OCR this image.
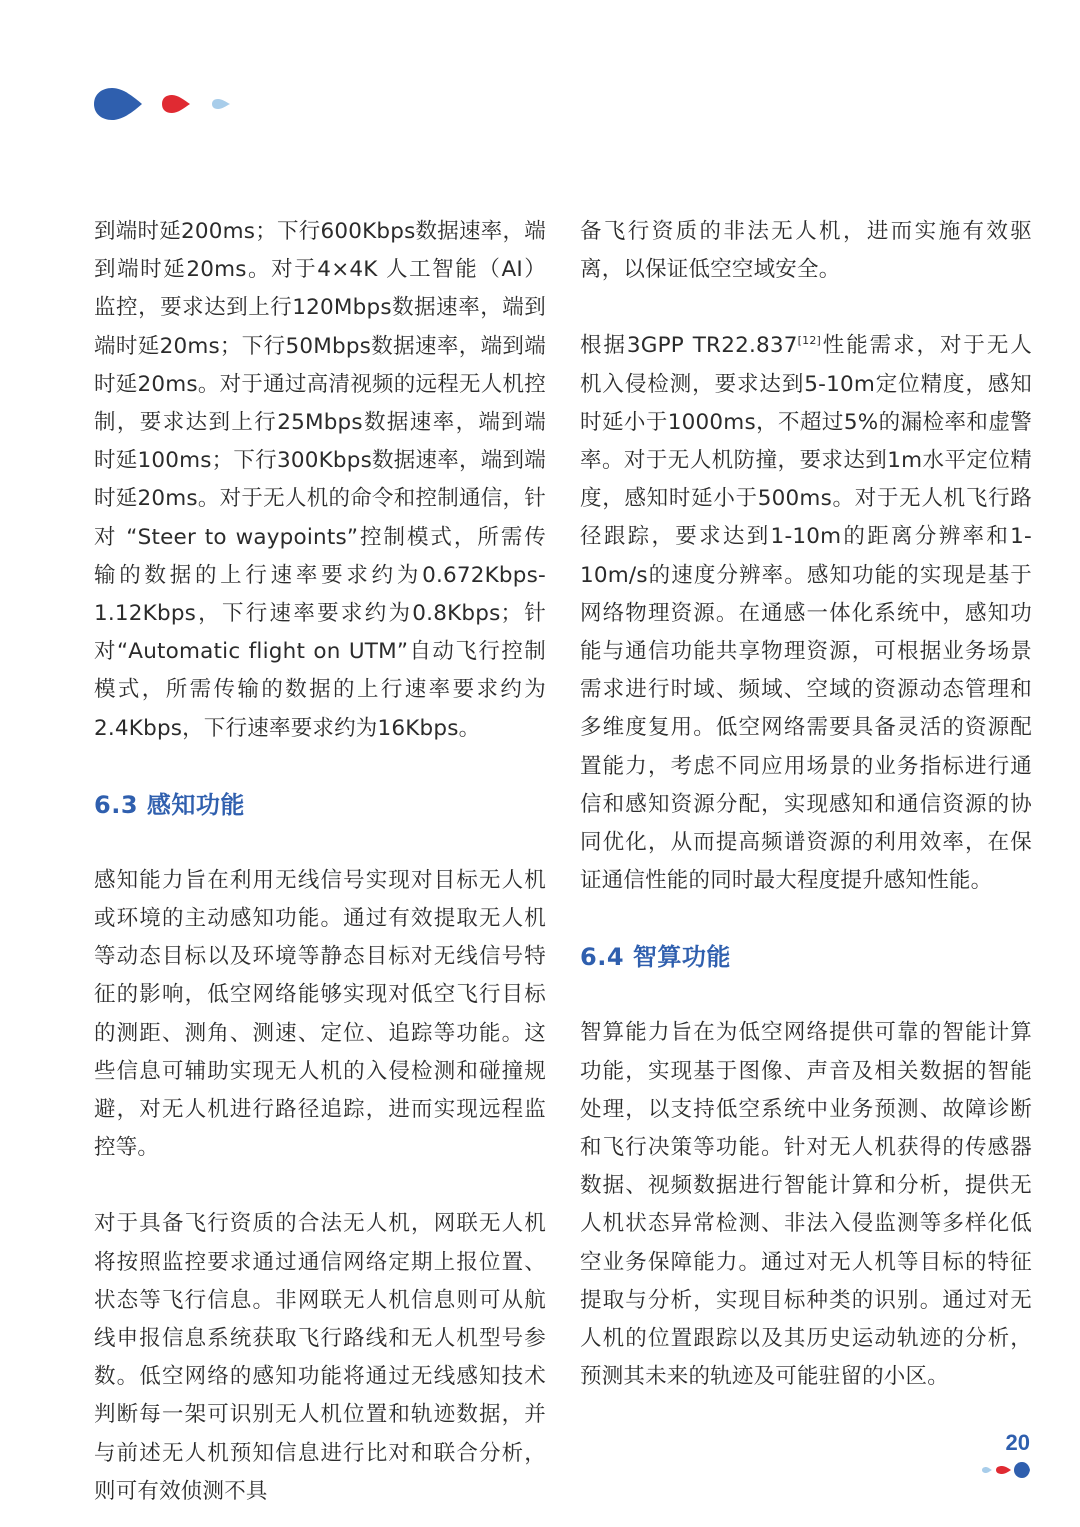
到端时延200ms；下行600Kbps数据速率，端到端时延20ms。对于4×4K 人工智能（AI）监控，要求达到上行120Mbps数据速率，端到端时延20ms；下行50Mbps数据速率，端到端时延20ms。对于通过高清视频的远程无人机控制，要求达到上行25Mbps数据速率，端到端时延100ms；下行300Kbps数据速率，端到端时延20ms。对于无人机的命令和控制通信，针对 “Steer to waypoints”控制模式，所需传输的数据的上行速率要求约为0.672Kbps-1.12Kbps，下行速率要求约为0.8Kbps；针对“Automatic flight on UTM”自动飞行控制模式，所需传输的数据的上行速率要求约为2.4Kbps，下行速率要求约为16Kbps。

6.3 感知功能

感知能力旨在利用无线信号实现对目标无人机或环境的主动感知功能。通过有效提取无人机等动态目标以及环境等静态目标对无线信号特征的影响，低空网络能够实现对低空飞行目标的测距、测角、测速、定位、追踪等功能。这些信息可辅助实现无人机的入侵检测和碰撞规避，对无人机进行路径追踪，进而实现远程监控等。

对于具备飞行资质的合法无人机，网联无人机将按照监控要求通过通信网络定期上报位置、状态等飞行信息。非网联无人机信息则可从航线申报信息系统获取飞行路线和无人机型号参数。低空网络的感知功能将通过无线感知技术判断每一架可识别无人机位置和轨迹数据，并与前述无人机预知信息进行比对和联合分析，则可有效侦测不具

备飞行资质的非法无人机，进而实施有效驱离，以保证低空空域安全。

根据3GPP TR22.837[12]性能需求，对于无人机入侵检测，要求达到5-10m定位精度，感知时延小于1000ms，不超过5%的漏检率和虚警率。对于无人机防撞，要求达到1m水平定位精度，感知时延小于500ms。对于无人机飞行路径跟踪，要求达到1-10m的距离分辨率和1-10m/s的速度分辨率。感知功能的实现是基于网络物理资源。在通感一体化系统中，感知功能与通信功能共享物理资源，可根据业务场景需求进行时域、频域、空域的资源动态管理和多维度复用。低空网络需要具备灵活的资源配置能力，考虑不同应用场景的业务指标进行通信和感知资源分配，实现感知和通信资源的协同优化，从而提高频谱资源的利用效率，在保证通信性能的同时最大程度提升感知性能。

6.4 智算功能

智算能力旨在为低空网络提供可靠的智能计算功能，实现基于图像、声音及相关数据的智能处理，以支持低空系统中业务预测、故障诊断和飞行决策等功能。针对无人机获得的传感器数据、视频数据进行智能计算和分析，提供无人机状态异常检测、非法入侵监测等多样化低空业务保障能力。通过对无人机等目标的特征提取与分析，实现目标种类的识别。通过对无人机的位置跟踪以及其历史运动轨迹的分析，预测其未来的轨迹及可能驻留的小区。

20
